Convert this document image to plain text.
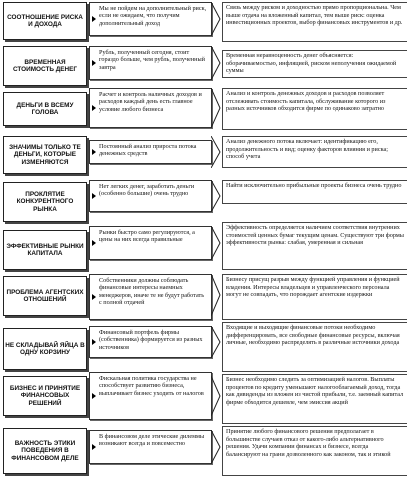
СООТНОШЕНИЕ РИСКА И ДОХОДА
Мы не пойдем на дополнительный риск, если не ожидаем, что получим дополнительный доход
Связь между риском и доходностью прямо пропорциональна. Чем выше отдача на вложенный капитал, тем выше риск: оценка инвестиционных проектов, выбор финансовых инструментов и др.
ВРЕМЕННАЯ СТОИМОСТЬ ДЕНЕГ
Рубль, полученный сегодня, стоит гораздо больше, чем рубль, полученный завтра
Временная неравноценность денег объясняется: оборачиваемостью, инфляцией, риском неполучения ожидаемой суммы
ДЕНЬГИ В ВСЕМУ ГОЛОВА
Расчет и контроль наличных доходов и расходов каждый день есть главное условие любого бизнеса
Анализ и контроль денежных доходов и расходов позволяет отслеживать стоимость капитала, обслуживание которого из разных источников обходится фирме по одинаково затратно
ЗНАЧИМЫ ТОЛЬКО ТЕ ДЕНЬГИ, КОТОРЫЕ ИЗМЕНЯЮТСЯ
Постоянный анализ прироста потока денежных средств
Анализ денежного потока включает: идентификацию его, продолжительность и вид; оценку факторов влияния и риска; способ учета
ПРОКЛЯТИЕ КОНКУРЕНТНОГО РЫНКА
Нет легких денег, заработать деньги (особенно большие) очень трудно
Найти исключительно прибыльные проекты бизнеса очень трудно
ЭФФЕКТИВНЫЕ РЫНКИ КАПИТАЛА
Рынки быстро само регулируются, а цены на них всегда правильные
Эффективность определяется наличием соответствия внутренних стоимостей ценных бумаг текущим ценам. Существуют три формы эффективности рынка: слабая, умеренная и сильная
ПРОБЛЕМА АГЕНТСКИХ ОТНОШЕНИЙ
Собственники должны соблюдать финансовые интересы наемных менеджеров, иначе те не будут работать с полной отдачей
Бизнесу присущ разрыв между функцией управления и функцией владения. Интересы владельцев и управленческого персонала могут не совпадать, что порождает агентские издержки
НЕ СКЛАДЫВАЙ ЯЙЦА В ОДНУ КОРЗИНУ
Финансовый портфель фирмы (собственника) формируется из разных источников
Входящие и выходящие финансовые потоки необходимо дифференцировать, все свободные финансовые ресурсы, включая личные, необходимо распределять в различные источники дохода
БИЗНЕС И ПРИНЯТИЕ ФИНАНСОВЫХ РЕШЕНИЙ
Фискальная политика государства не способствует развитию бизнеса, выплачивает бизнес уходить от налогов
Бизнес необходимо следить за оптимизацией налогов. Выплаты процентов по кредиту уменьшают налогооблагаемый доход, тогда как дивиденды из вложен из чистой прибыли, т.е. заемный капитал фирме обходится дешевле, чем эмиссия акций
ВАЖНОСТЬ ЭТИКИ ПОВЕДЕНИЯ В ФИНАНСОВОМ ДЕЛЕ
В финансовом деле этические дилеммы возникают всегда и повсеместно
Принятие любого финансового решения предполагает в большинстве случаев отказ от какого-либо альтернативного решения. Удачи компании финансах и бизнесе, всегда балансируют на грани дозволенного как законом, так и этикой
